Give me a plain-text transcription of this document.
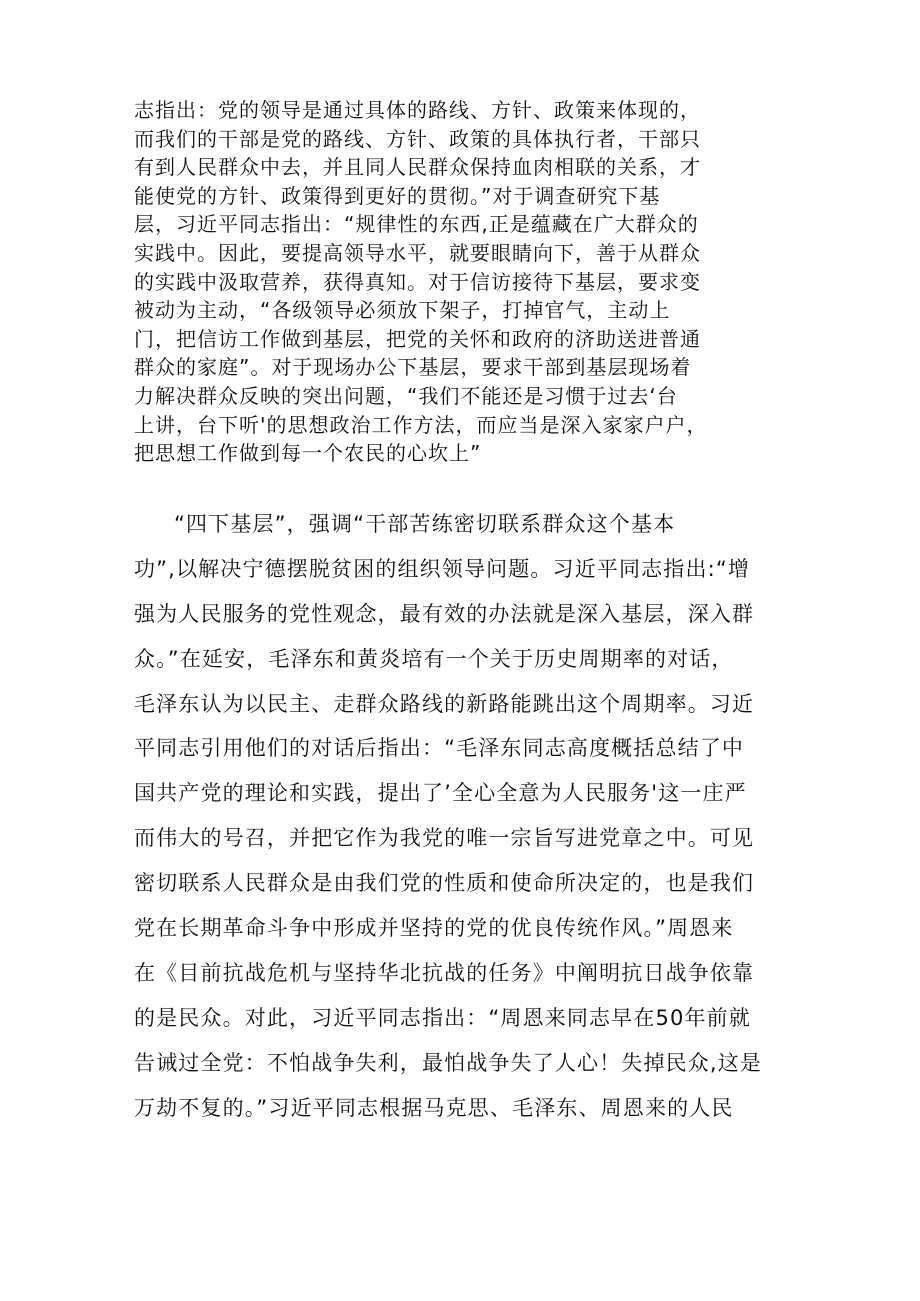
志指出：党的领导是通过具体的路线、方针、政策来体现的，
而我们的干部是党的路线、方针、政策的具体执行者，干部只
有到人民群众中去，并且同人民群众保持血肉相联的关系，才
能使党的方针、政策得到更好的贯彻。”对于调查研究下基
层，习近平同志指出：“规律性的东西,正是蕴藏在广大群众的
实践中。因此，要提高领导水平，就要眼睛向下，善于从群众
的实践中汲取营养，获得真知。对于信访接待下基层，要求变
被动为主动，“各级领导必须放下架子，打掉官气，主动上
门，把信访工作做到基层，把党的关怀和政府的济助送进普通
群众的家庭”。对于现场办公下基层，要求干部到基层现场着
力解决群众反映的突出问题，“我们不能还是习惯于过去‘台
上讲，台下听'的思想政治工作方法，而应当是深入家家户户，
把思想工作做到每一个农民的心坎上”
“四下基层”，强调“干部苦练密切联系群众这个基本
功”,以解决宁德摆脱贫困的组织领导问题。习近平同志指出:“增
强为人民服务的党性观念，最有效的办法就是深入基层，深入群
众。”在延安，毛泽东和黄炎培有一个关于历史周期率的对话，
毛泽东认为以民主、走群众路线的新路能跳出这个周期率。习近
平同志引用他们的对话后指出：“毛泽东同志高度概括总结了中
国共产党的理论和实践，提出了’全心全意为人民服务'这一庄严
而伟大的号召，并把它作为我党的唯一宗旨写进党章之中。可见
密切联系人民群众是由我们党的性质和使命所决定的，也是我们
党在长期革命斗争中形成并坚持的党的优良传统作风。”周恩来
在《目前抗战危机与坚持华北抗战的任务》中阐明抗日战争依靠
的是民众。对此，习近平同志指出：“周恩来同志早在50年前就
告诫过全党：不怕战争失利，最怕战争失了人心！失掉民众,这是
万劫不复的。”习近平同志根据马克思、毛泽东、周恩来的人民
